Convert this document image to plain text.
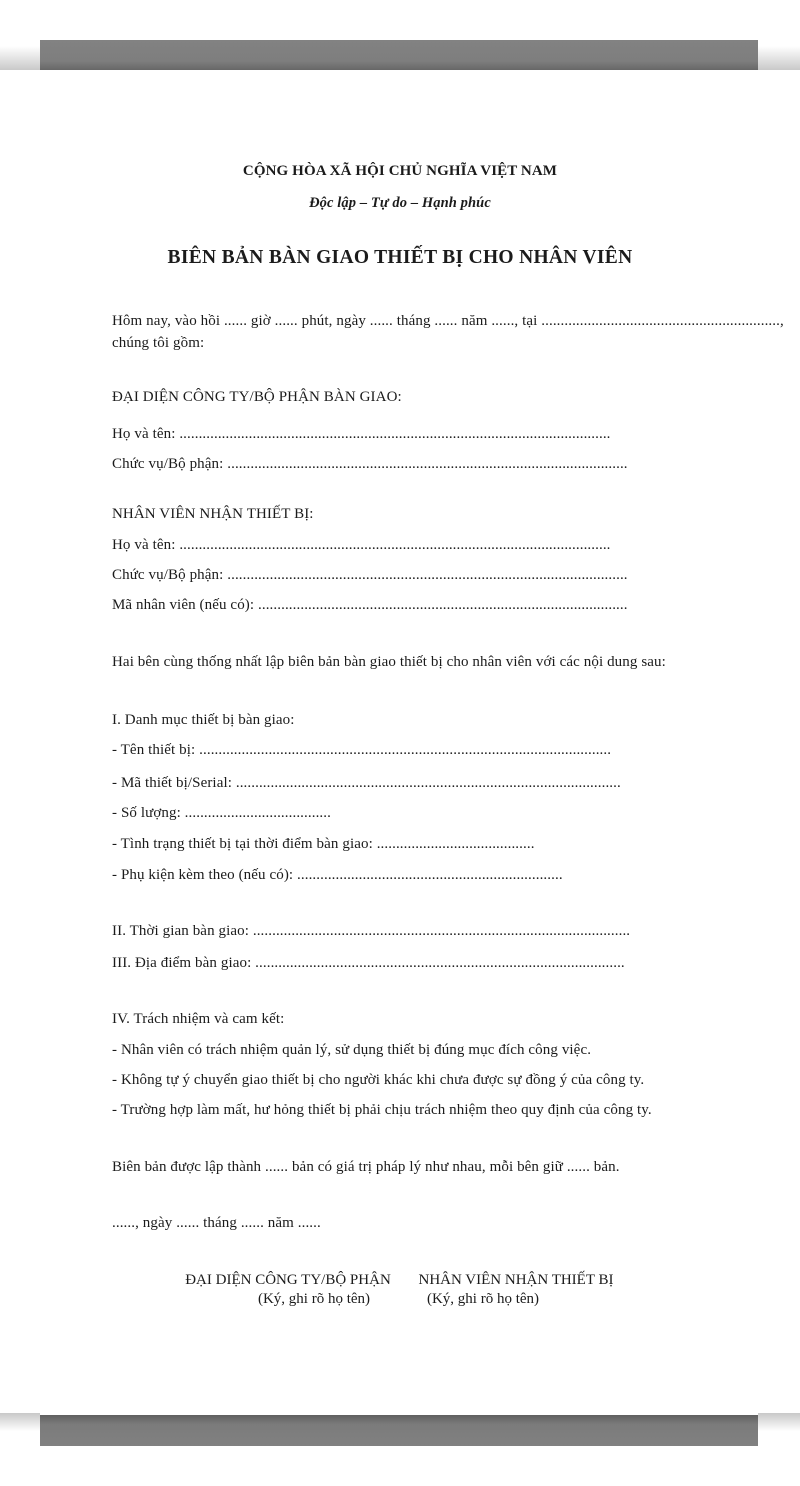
CỘNG HÒA XÃ HỘI CHỦ NGHĨA VIỆT NAM
Độc lập – Tự do – Hạnh phúc
BIÊN BẢN BÀN GIAO THIẾT BỊ CHO NHÂN VIÊN
Hôm nay, vào hồi ...... giờ ...... phút, ngày ...... tháng ...... năm ......, tại ..............................................................,
chúng tôi gồm:
ĐẠI DIỆN CÔNG TY/BỘ PHẬN BÀN GIAO:
Họ và tên: ................................................................................................................
Chức vụ/Bộ phận: ........................................................................................................
NHÂN VIÊN NHẬN THIẾT BỊ:
Họ và tên: ................................................................................................................
Chức vụ/Bộ phận: ........................................................................................................
Mã nhân viên (nếu có): ................................................................................................
Hai bên cùng thống nhất lập biên bản bàn giao thiết bị cho nhân viên với các nội dung sau:
I. Danh mục thiết bị bàn giao:
- Tên thiết bị: ...........................................................................................................
- Mã thiết bị/Serial: ....................................................................................................
- Số lượng: ......................................
- Tình trạng thiết bị tại thời điểm bàn giao: .........................................
- Phụ kiện kèm theo (nếu có): .....................................................................
II. Thời gian bàn giao: ..................................................................................................
III. Địa điểm bàn giao: ................................................................................................
IV. Trách nhiệm và cam kết:
- Nhân viên có trách nhiệm quản lý, sử dụng thiết bị đúng mục đích công việc.
- Không tự ý chuyển giao thiết bị cho người khác khi chưa được sự đồng ý của công ty.
- Trường hợp làm mất, hư hỏng thiết bị phải chịu trách nhiệm theo quy định của công ty.
Biên bản được lập thành ...... bản có giá trị pháp lý như nhau, mỗi bên giữ ...... bản.
......, ngày ...... tháng ...... năm ......
ĐẠI DIỆN CÔNG TY/BỘ PHẬN
(Ký, ghi rõ họ tên)
NHÂN VIÊN NHẬN THIẾT BỊ
(Ký, ghi rõ họ tên)
